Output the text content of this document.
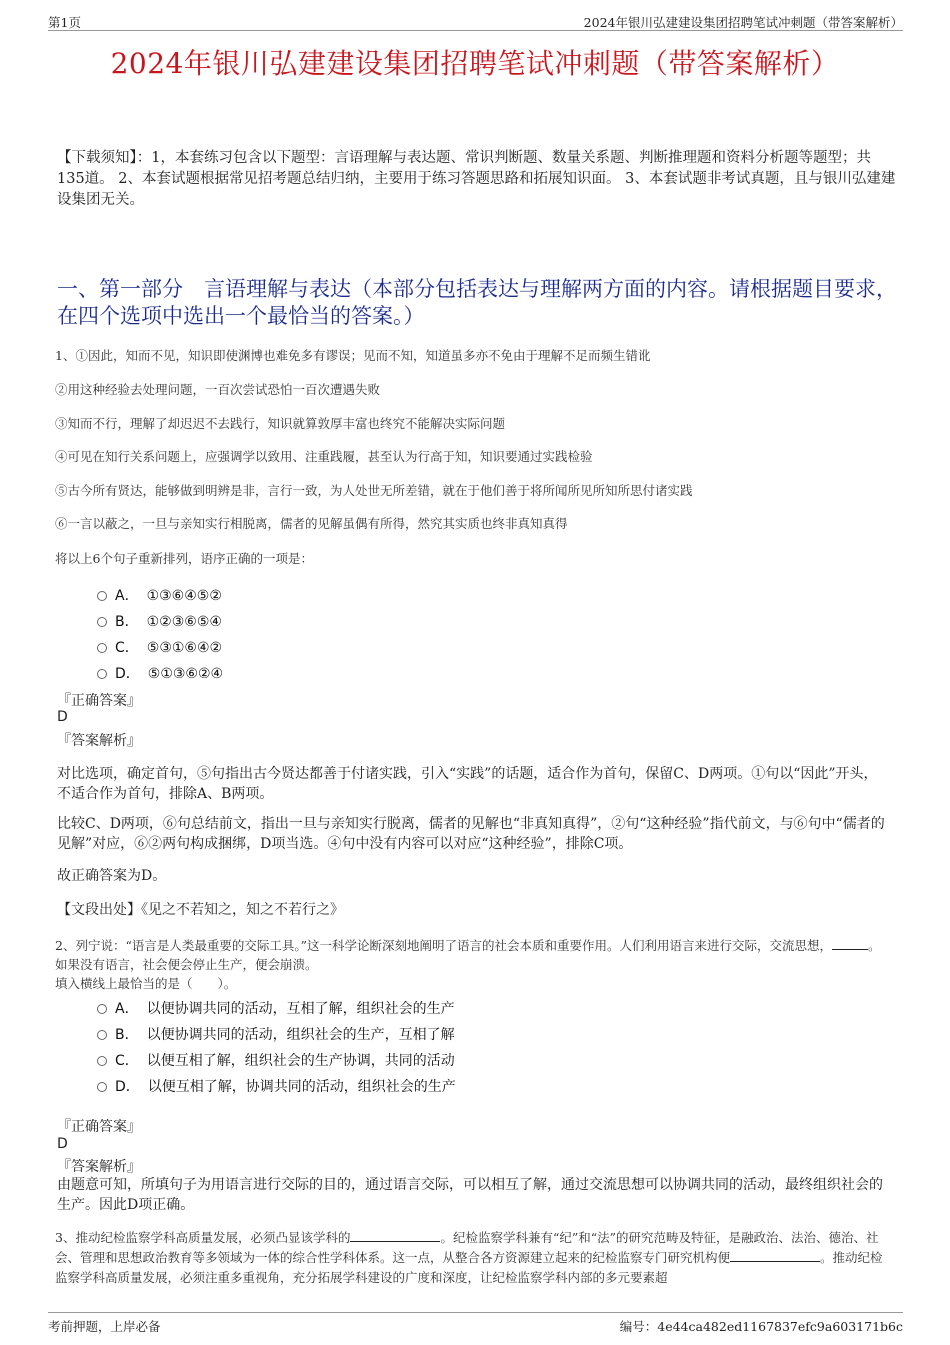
第1页	2024年银川弘建建设集团招聘笔试冲刺题（带答案解析）
2024年银川弘建建设集团招聘笔试冲刺题（带答案解析）
【下载须知】：1，本套练习包含以下题型：言语理解与表达题、常识判断题、数量关系题、判断推理题和资料分析题等题型；共135道。 2、本套试题根据常见招考题总结归纳，主要用于练习答题思路和拓展知识面。 3、本套试题非考试真题，且与银川弘建建设集团无关。
一、第一部分　言语理解与表达（本部分包括表达与理解两方面的内容。请根据题目要求，在四个选项中选出一个最恰当的答案。）
1、①因此，知而不见，知识即使渊博也难免多有谬误；见而不知，知道虽多亦不免由于理解不足而频生错讹
②用这种经验去处理问题，一百次尝试恐怕一百次遭遇失败
③知而不行，理解了却迟迟不去践行，知识就算敦厚丰富也终究不能解决实际问题
④可见在知行关系问题上，应强调学以致用、注重践履，甚至认为行高于知，知识要通过实践检验
⑤古今所有贤达，能够做到明辨是非，言行一致，为人处世无所差错，就在于他们善于将所闻所见所知所思付诸实践
⑥一言以蔽之，一旦与亲知实行相脱离，儒者的见解虽偶有所得，然究其实质也终非真知真得
将以上6个句子重新排列，语序正确的一项是：
A． ①③⑥④⑤②
B． ①②③⑥⑤④
C． ⑤③①⑥④②
D． ⑤①③⑥②④
『正确答案』
D
『答案解析』
对比选项，确定首句，⑤句指出古今贤达都善于付诸实践，引入“实践”的话题，适合作为首句，保留C、D两项。①句以“因此”开头，不适合作为首句，排除A、B两项。
比较C、D两项，⑥句总结前文，指出一旦与亲知实行脱离，儒者的见解也“非真知真得”，②句“这种经验”指代前文，与⑥句中“儒者的见解”对应，⑥②两句构成捆绑，D项当选。④句中没有内容可以对应“这种经验”，排除C项。
故正确答案为D。
【文段出处】《见之不若知之，知之不若行之》
2、列宁说：“语言是人类最重要的交际工具。”这一科学论断深刻地阐明了语言的社会本质和重要作用。人们利用语言来进行交际，交流思想，	。如果没有语言，社会便会停止生产，便会崩溃。
填入横线上最恰当的是（　　）。
A． 以便协调共同的活动，互相了解，组织社会的生产
B． 以便协调共同的活动，组织社会的生产，互相了解
C． 以便互相了解，组织社会的生产协调，共同的活动
D． 以便互相了解，协调共同的活动，组织社会的生产
『正确答案』
D
『答案解析』
由题意可知，所填句子为用语言进行交际的目的，通过语言交际，可以相互了解，通过交流思想可以协调共同的活动，最终组织社会的生产。因此D项正确。
3、推动纪检监察学科高质量发展，必须凸显该学科的	。纪检监察学科兼有“纪”和“法”的研究范畴及特征，是融政治、法治、德治、社会、管理和思想政治教育等多领域为一体的综合性学科体系。这一点，从整合各方资源建立起来的纪检监察专门研究机构便	。推动纪检监察学科高质量发展，必须注重多重视角，充分拓展学科建设的广度和深度，让纪检监察学科内部的多元要素超
考前押题，上岸必备	编号：4e44ca482ed1167837efc9a603171b6c
